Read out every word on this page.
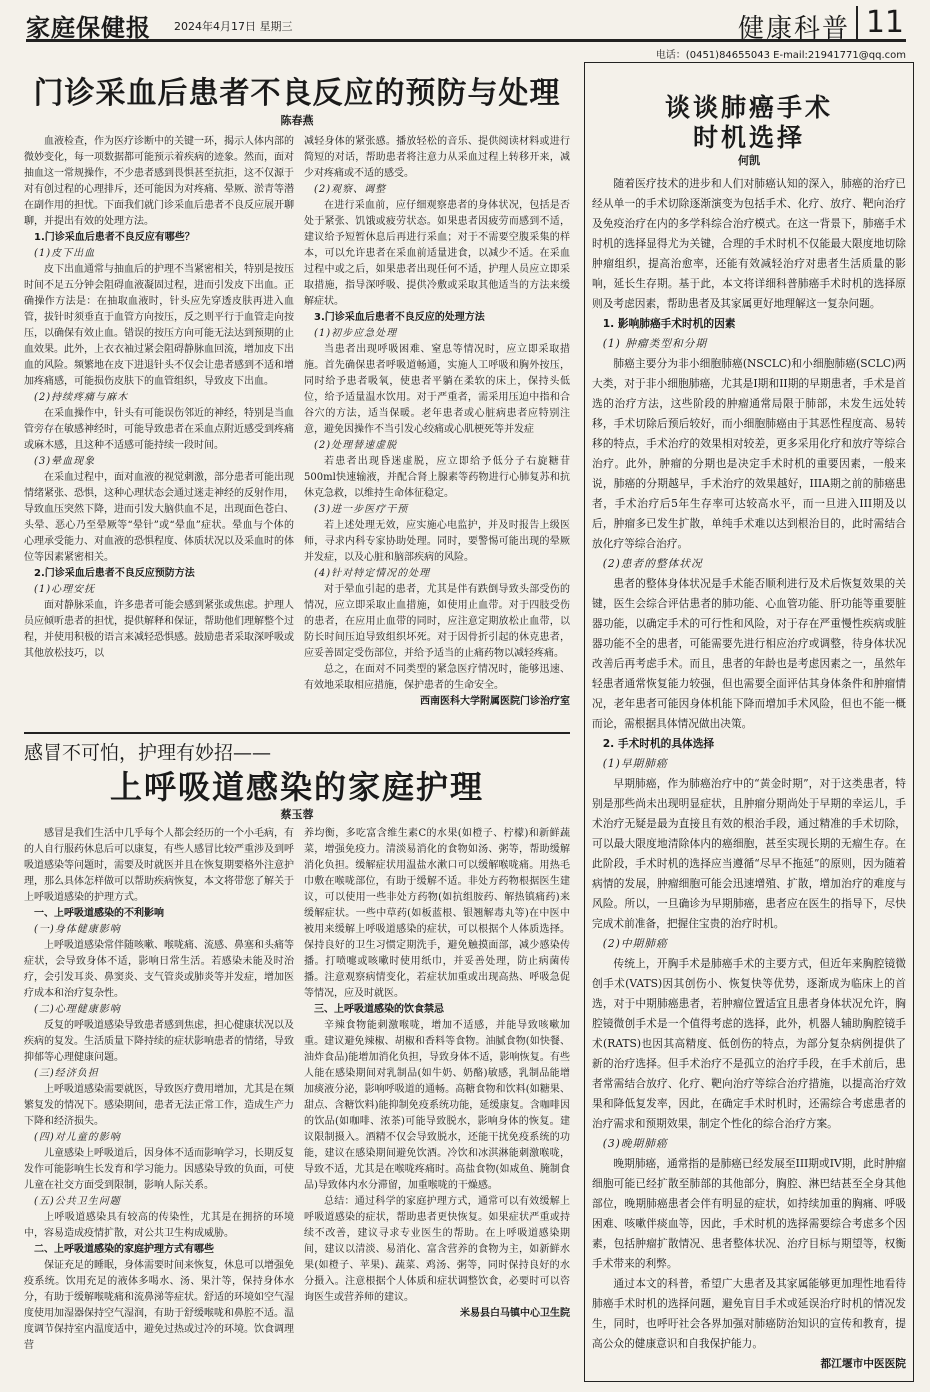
家庭保健报 2024年4月17日 星期三	健康科普 11
电话：(0451)84655043 E-mail:21941771@qq.com
门诊采血后患者不良反应的预防与处理
陈春燕

血液检查，作为医疗诊断中的关键一环，揭示人体内部的微妙变化，每一项数据都可能预示着疾病的迹象。然而，面对抽血这一常规操作，不少患者感到畏惧甚至抗拒，这不仅源于对有创过程的心理排斥，还可能因为对疼痛、晕厥、淤青等潜在副作用的担忧。下面我们就门诊采血后患者不良反应展开聊聊，并提出有效的处理方法。

1.门诊采血后患者不良反应有哪些？

(1)皮下出血

皮下出血通常与抽血后的护理不当紧密相关，特别是按压时间不足五分钟会阻碍血液凝固过程，进而引发皮下出血。正确操作方法是：在抽取血液时，针头应先穿透皮肤再进入血管，拔针时须垂直于血管方向按压，反之则平行于血管走向按压，以确保有效止血。错误的按压方向可能无法达到预期的止血效果。此外，上衣衣袖过紧会阻碍静脉血回流，增加皮下出血的风险。频繁地在皮下进退针头不仅会让患者感到不适和增加疼痛感，可能损伤皮肤下的血管组织，导致皮下出血。

(2)持续疼痛与麻木

在采血操作中，针头有可能误伤邻近的神经，特别是当血管旁存在敏感神经时，可能导致患者在采血点附近感受到疼痛或麻木感，且这种不适感可能持续一段时间。

(3)晕血现象

在采血过程中，面对血液的视觉刺激，部分患者可能出现情绪紧张、恐惧，这种心理状态会通过迷走神经的反射作用，导致血压突然下降，进而引发大脑供血不足，出现面色苍白、头晕、恶心乃至晕厥等“晕针”或“晕血”症状。晕血与个体的心理承受能力、对血液的恐惧程度、体质状况以及采血时的体位等因素紧密相关。

2.门诊采血后患者不良反应预防方法

(1)心理安抚

面对静脉采血，许多患者可能会感到紧张或焦虑。护理人员应倾听患者的担忧，提供解释和保证，帮助他们理解整个过程，并使用积极的语言来减轻恐惧感。鼓励患者采取深呼吸或其他放松技巧，以

减轻身体的紧张感。播放轻松的音乐、提供阅读材料或进行简短的对话，帮助患者将注意力从采血过程上转移开来，减少对疼痛或不适的感受。

(2)观察、调整

在进行采血前，应仔细观察患者的身体状况，包括是否处于紧张、饥饿或疲劳状态。如果患者因疲劳而感到不适，建议给予短暂休息后再进行采血；对于不需要空腹采集的样本，可以允许患者在采血前适量进食，以减少不适。在采血过程中或之后，如果患者出现任何不适，护理人员应立即采取措施，指导深呼吸、提供冷敷或采取其他适当的方法来缓解症状。

3.门诊采血后患者不良反应的处理方法

(1)初步应急处理

当患者出现呼吸困难、窒息等情况时，应立即采取措施。首先确保患者呼吸道畅通，实施人工呼吸和胸外按压，同时给予患者吸氧，使患者平躺在柔软的床上，保持头低位，给予适量温水饮用。对于严重者，需采用压迫中指和合谷穴的方法，适当保暖。老年患者或心脏病患者应特别注意，避免因操作不当引发心绞痛或心肌梗死等并发症

(2)处理替速虚脱

若患者出现昏迷虚脱，应立即给予低分子右旋糖苷500ml快速输液，并配合肾上腺素等药物进行心肺复苏和抗休克急救，以维持生命体征稳定。

(3)进一步医疗干预

若上述处理无效，应实施心电监护，并及时报告上级医师，寻求内科专家协助处理。同时，要警惕可能出现的晕厥并发症，以及心脏和脑部疾病的风险。

(4)针对特定情况的处理

对于晕血引起的患者，尤其是伴有跌倒导致头部受伤的情况，应立即采取止血措施，如使用止血带。对于四肢受伤的患者，在应用止血带的同时，应注意定期放松止血带，以防长时间压迫导致组织坏死。对于因骨折引起的休克患者，应妥善固定受伤部位，并给予适当的止痛药物以减轻疼痛。

总之，在面对不同类型的紧急医疗情况时，能够迅速、有效地采取相应措施，保护患者的生命安全。

西南医科大学附属医院门诊治疗室

感冒不可怕，护理有妙招——
上呼吸道感染的家庭护理
蔡玉蓉

感冒是我们生活中几乎每个人都会经历的一个小毛病，有的人自行服药休息后可以康复，有些人感冒比较严重涉及到呼吸道感染等问题时，需要及时就医并且在恢复期要格外注意护理，那么具体怎样做可以帮助疾病恢复，本文将带您了解关于上呼吸道感染的护理方式。

一、上呼吸道感染的不利影响

(一)身体健康影响

上呼吸道感染常伴随咳嗽、喉咙痛、流感、鼻塞和头痛等症状，会导致身体不适，影响日常生活。若感染未能及时治疗，会引发耳炎、鼻窦炎、支气管炎或肺炎等并发症，增加医疗成本和治疗复杂性。

(二)心理健康影响

反复的呼吸道感染导致患者感到焦虑，担心健康状况以及疾病的复发。生活质量下降持续的症状影响患者的情绪，导致抑郁等心理健康问题。

(三)经济负担

上呼吸道感染需要就医，导致医疗费用增加，尤其是在频繁复发的情况下。感染期间，患者无法正常工作，造成生产力下降和经济损失。

(四)对儿童的影响

儿童感染上呼吸道后，因身体不适而影响学习，长期反复发作可能影响生长发育和学习能力。因感染导致的负面，可使儿童在社交方面受到限制，影响人际关系。

(五)公共卫生问题

上呼吸道感染具有较高的传染性，尤其是在拥挤的环境中，容易造成疫情扩散，对公共卫生构成威胁。

二、上呼吸道感染的家庭护理方式有哪些

保证充足的睡眠，身体需要时间来恢复，休息可以增强免疫系统。饮用充足的液体多喝水、汤、果汁等，保持身体水分，有助于缓解喉咙痛和流鼻涕等症状。舒适的环境如空气湿度使用加湿器保持空气湿润，有助于舒缓喉咙和鼻腔不适。温度调节保持室内温度适中，避免过热或过冷的环境。饮食调理营

养均衡，多吃富含维生素C的水果(如橙子、柠檬)和新鲜蔬菜，增强免疫力。清淡易消化的食物如汤、粥等，帮助缓解消化负担。缓解症状用温盐水漱口可以缓解喉咙痛。用热毛巾敷在喉咙部位，有助于缓解不适。非处方药物根据医生建议，可以使用一些非处方药物(如抗组胺药、解热镇痛药)来缓解症状。一些中草药(如板蓝根、银翘解毒丸等)在中医中被用来缓解上呼吸道感染的症状，可以根据个人体质选择。保持良好的卫生习惯定期洗手，避免触摸面部，减少感染传播。打喷嚏或咳嗽时使用纸巾，并妥善处理，防止病菌传播。注意观察病情变化，若症状加重或出现高热、呼吸急促等情况，应及时就医。

三、上呼吸道感染的饮食禁忌

辛辣食物能刺激喉咙，增加不适感，并能导致咳嗽加重。建议避免辣椒、胡椒和香料等食物。油腻食物(如快餐、油炸食品)能增加消化负担，导致身体不适，影响恢复。有些人能在感染期间对乳制品(如牛奶、奶酪)敏感，乳制品能增加痰液分泌，影响呼吸道的通畅。高糖食物和饮料(如糖果、甜点、含糖饮料)能抑制免疫系统功能，延缓康复。含咖啡因的饮品(如咖啡、浓茶)可能导致脱水，影响身体的恢复。建议限制摄入。酒精不仅会导致脱水，还能干扰免疫系统的功能，建议在感染期间避免饮酒。冷饮和冰淇淋能刺激喉咙，导致不适，尤其是在喉咙疼痛时。高盐食物(如咸鱼、腌制食品)导致体内水分滞留，加重喉咙的干燥感。

总结：通过科学的家庭护理方式，通常可以有效缓解上呼吸道感染的症状，帮助患者更快恢复。如果症状严重或持续不改善，建议寻求专业医生的帮助。在上呼吸道感染期间，建议以清淡、易消化、富含营养的食物为主，如新鲜水果(如橙子、苹果)、蔬菜、鸡汤、粥等，同时保持良好的水分摄入。注意根据个人体质和症状调整饮食，必要时可以咨询医生或营养师的建议。

米易县白马镇中心卫生院

谈谈肺癌手术
时机选择
何凯

随着医疗技术的进步和人们对肺癌认知的深入，肺癌的治疗已经从单一的手术切除逐渐演变为包括手术、化疗、放疗、靶向治疗及免疫治疗在内的多学科综合治疗模式。在这一背景下，肺癌手术时机的选择显得尤为关键，合理的手术时机不仅能最大限度地切除肿瘤组织，提高治愈率，还能有效减轻治疗对患者生活质量的影响，延长生存期。基于此，本文将详细科普肺癌手术时机的选择原则及考虑因素，帮助患者及其家属更好地理解这一复杂问题。

1. 影响肺癌手术时机的因素

(1) 肿瘤类型和分期

肺癌主要分为非小细胞肺癌(NSCLC)和小细胞肺癌(SCLC)两大类，对于非小细胞肺癌，尤其是I期和II期的早期患者，手术是首选的治疗方法，这些阶段的肿瘤通常局限于肺部，未发生远处转移，手术切除后预后较好，而小细胞肺癌由于其恶性程度高、易转移的特点，手术治疗的效果相对较差，更多采用化疗和放疗等综合治疗。此外，肿瘤的分期也是决定手术时机的重要因素，一般来说，肺癌的分期越早，手术治疗的效果越好，IIIA期之前的肺癌患者，手术治疗后5年生存率可达较高水平，而一旦进入III期及以后，肿瘤多已发生扩散，单纯手术难以达到根治目的，此时需结合放化疗等综合治疗。

(2)患者的整体状况

患者的整体身体状况是手术能否顺利进行及术后恢复效果的关键，医生会综合评估患者的肺功能、心血管功能、肝功能等重要脏器功能，以确定手术的可行性和风险，对于存在严重慢性疾病或脏器功能不全的患者，可能需要先进行相应治疗或调整，待身体状况改善后再考虑手术。而且，患者的年龄也是考虑因素之一，虽然年轻患者通常恢复能力较强，但也需要全面评估其身体条件和肿瘤情况，老年患者可能因身体机能下降而增加手术风险，但也不能一概而论，需根据具体情况做出决策。

2. 手术时机的具体选择

(1)早期肺癌

早期肺癌，作为肺癌治疗中的“黄金时期”，对于这类患者，特别是那些尚未出现明显症状，且肿瘤分期尚处于早期的幸运儿，手术治疗无疑是最为直接且有效的根治手段，通过精准的手术切除，可以最大限度地清除体内的癌细胞，甚至实现长期的无瘤生存。在此阶段，手术时机的选择应当遵循“尽早不拖延”的原则，因为随着病情的发展，肿瘤细胞可能会迅速增殖、扩散，增加治疗的难度与风险。所以，一旦确诊为早期肺癌，患者应在医生的指导下，尽快完成术前准备，把握住宝贵的治疗时机。

(2)中期肺癌

传统上，开胸手术是肺癌手术的主要方式，但近年来胸腔镜微创手术(VATS)因其创伤小、恢复快等优势，逐渐成为临床上的首选，对于中期肺癌患者，若肿瘤位置适宜且患者身体状况允许，胸腔镜微创手术是一个值得考虑的选择，此外，机器人辅助胸腔镜手术(RATS)也因其高精度、低创伤的特点，为部分复杂病例提供了新的治疗选择。但手术治疗不是孤立的治疗手段，在手术前后，患者常需结合放疗、化疗、靶向治疗等综合治疗措施，以提高治疗效果和降低复发率，因此，在确定手术时机时，还需综合考虑患者的治疗需求和预期效果，制定个性化的综合治疗方案。

(3)晚期肺癌

晚期肺癌，通常指的是肺癌已经发展至III期或IV期，此时肿瘤细胞可能已经扩散至肺部的其他部分，胸腔、淋巴结甚至全身其他部位，晚期肺癌患者会伴有明显的症状，如持续加重的胸痛、呼吸困难、咳嗽伴痰血等，因此，手术时机的选择需要综合考虑多个因素，包括肿瘤扩散情况、患者整体状况、治疗目标与期望等，权衡手术带来的利弊。

通过本文的科普，希望广大患者及其家属能够更加理性地看待肺癌手术时机的选择问题，避免盲目手术或延误治疗时机的情况发生，同时，也呼吁社会各界加强对肺癌防治知识的宣传和教育，提高公众的健康意识和自我保护能力。

都江堰市中医医院
